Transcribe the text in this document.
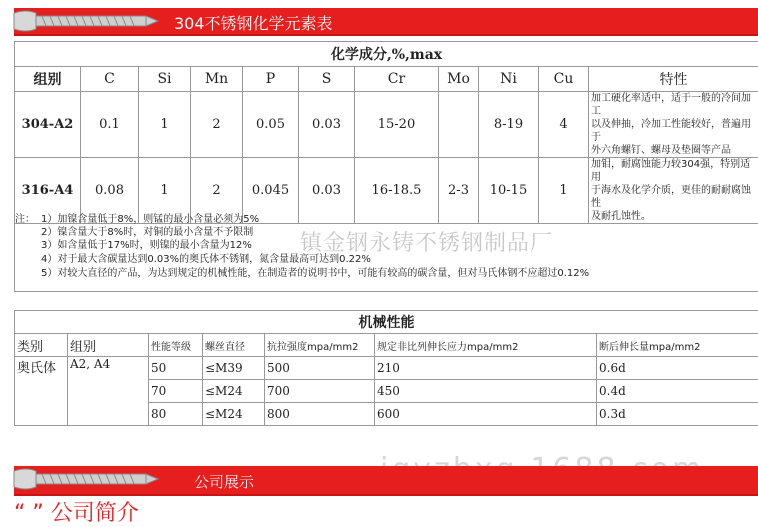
304不锈钢化学元素表
化学成分,%,max										
组别	C	Si	Mn	P	S	Cr	Mo	Ni	Cu	特性
304-A2	0.1	1	2	0.05	0.03	15-20		8-19	4	加工硬化率适中，适于一般的冷间加工
以及伸抽，冷加工性能较好，普遍用于
外六角螺钉、螺母及垫圈等产品

316-A4	0.08	1	2	0.045	0.03	16-18.5	2-3	10-15	1	加钼，耐腐蚀能力较304强，特别适用
于海水及化学介质，更佳的耐耐腐蚀性
及耐孔蚀性。
注： 1）加镍含量低于8%，则锰的最小含量必须为5%
2）镍含量大于8%时，对铜的最小含量不予限制
3）如含量低于17%时，则镍的最小含量为12%
4）对于最大含碳量达到0.03%的奥氏体不锈钢，氮含量最高可达到0.22%
5）对较大直径的产品，为达到规定的机械性能，在制造者的说明书中，可能有较高的碳含量，但对马氏体钢不应超过0.12%
镇金钢永铸不锈钢制品厂
机械性能						
类别	组别	性能等级	螺丝直径	抗拉强度mpa/mm2	规定非比列伸长应力mpa/mm2	断后伸长量mpa/mm2
奥氏体	A2, A4	50	≤M39	500	210	0.6d
		70	≤M24	700	450	0.4d
		80	≤M24	800	600	0.3d
公司展示
“ ” 公司简介
